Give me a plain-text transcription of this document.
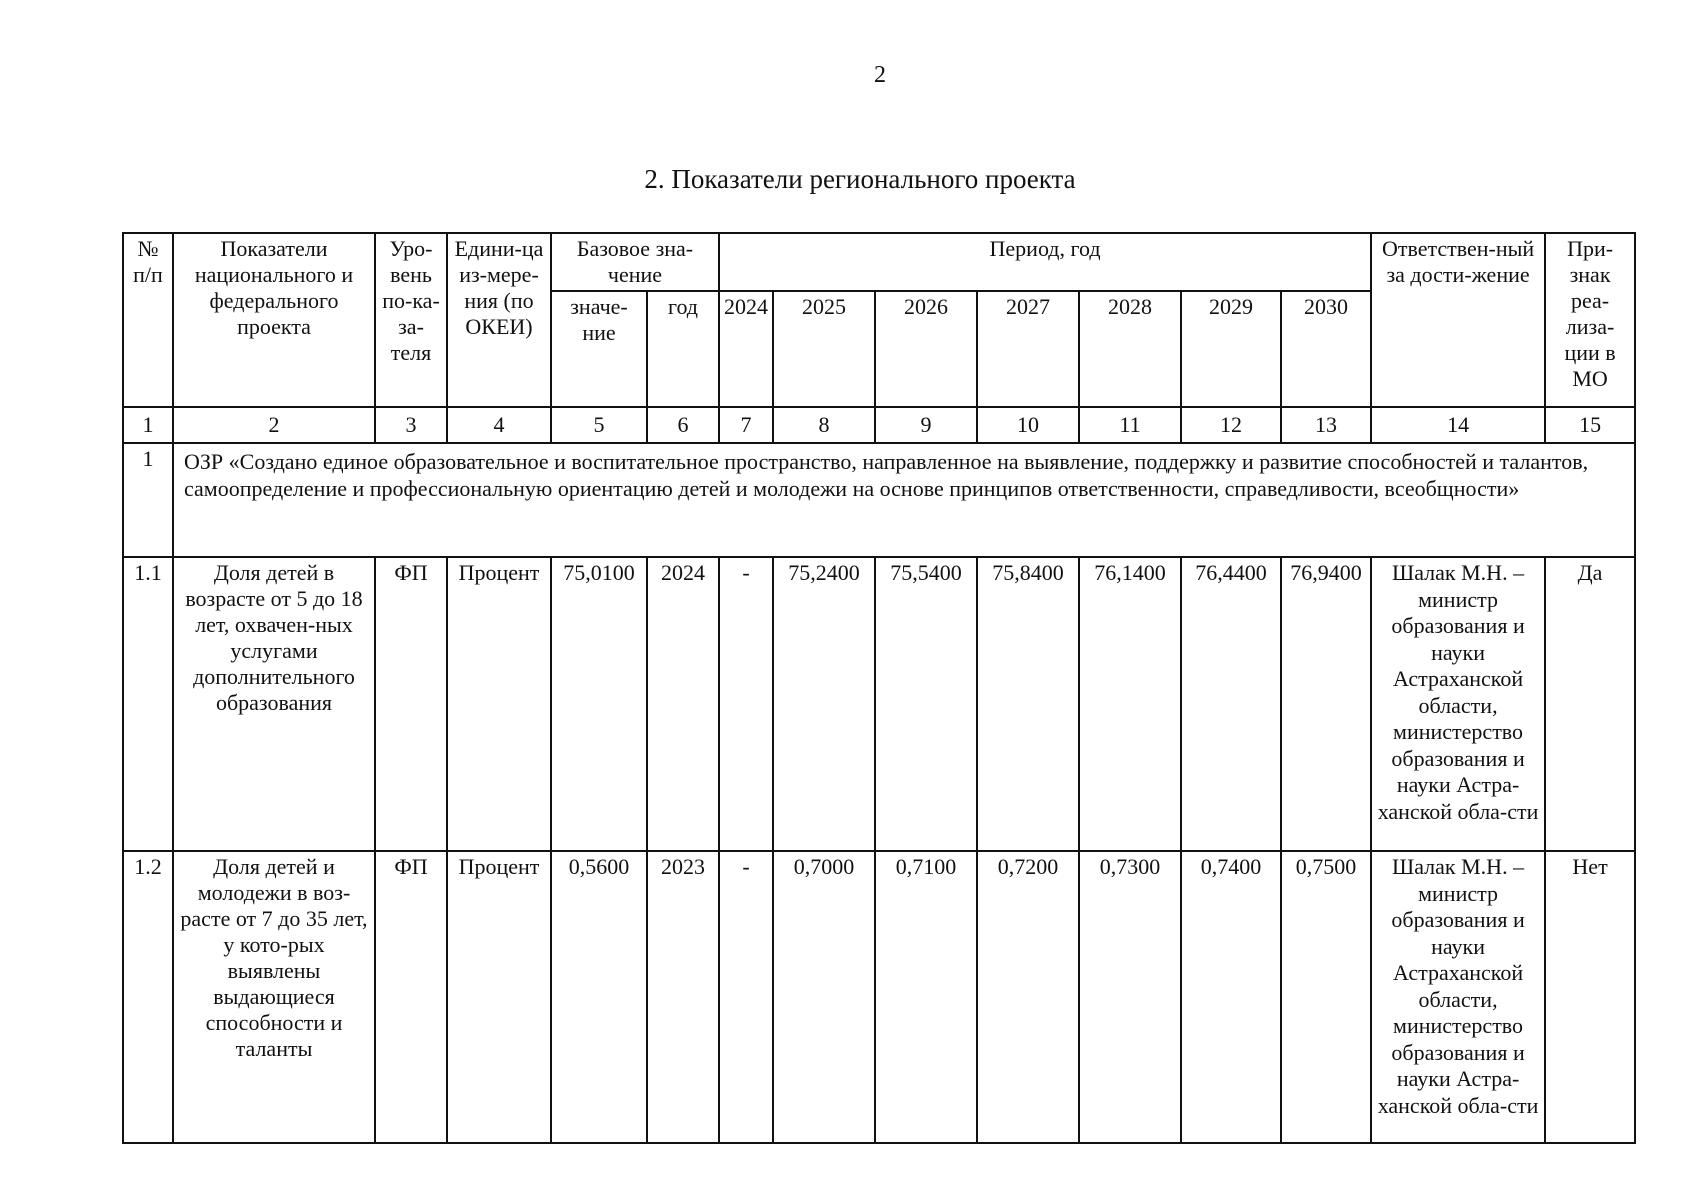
2
2. Показатели регионального проекта
№ п/п	Показатели национального и федерального проекта	Уро-вень по-ка-за-теля	Едини-ца из-мере-ния (по ОКЕИ)	Базовое зна-чение		Период, год							Ответствен-ный за дости-жение	При-знак реа-лиза-ции в МО
				значе-ние	год	2024	2025	2026	2027	2028	2029	2030		
1	2	3	4	5	6	7	8	9	10	11	12	13	14	15
1	ОЗР «Создано единое образовательное и воспитательное пространство, направленное на выявление, поддержку и развитие способностей и талантов, самоопределение и профессиональную ориентацию детей и молодежи на основе принципов ответственности, справедливости, всеобщности»													
1.1	Доля детей в возрасте от 5 до 18 лет, охвачен-ных услугами дополнительного образования	ФП	Процент	75,0100	2024	-	75,2400	75,5400	75,8400	76,1400	76,4400	76,9400	Шалак М.Н. – министр образования и науки Астраханской области, министерство образования и науки Астра-ханской обла-сти	Да
1.2	Доля детей и молодежи в воз-расте от 7 до 35 лет, у кото-рых выявлены выдающиеся способности и таланты	ФП	Процент	0,5600	2023	-	0,7000	0,7100	0,7200	0,7300	0,7400	0,7500	Шалак М.Н. – министр образования и науки Астраханской области, министерство образования и науки Астра-ханской обла-сти	Нет
